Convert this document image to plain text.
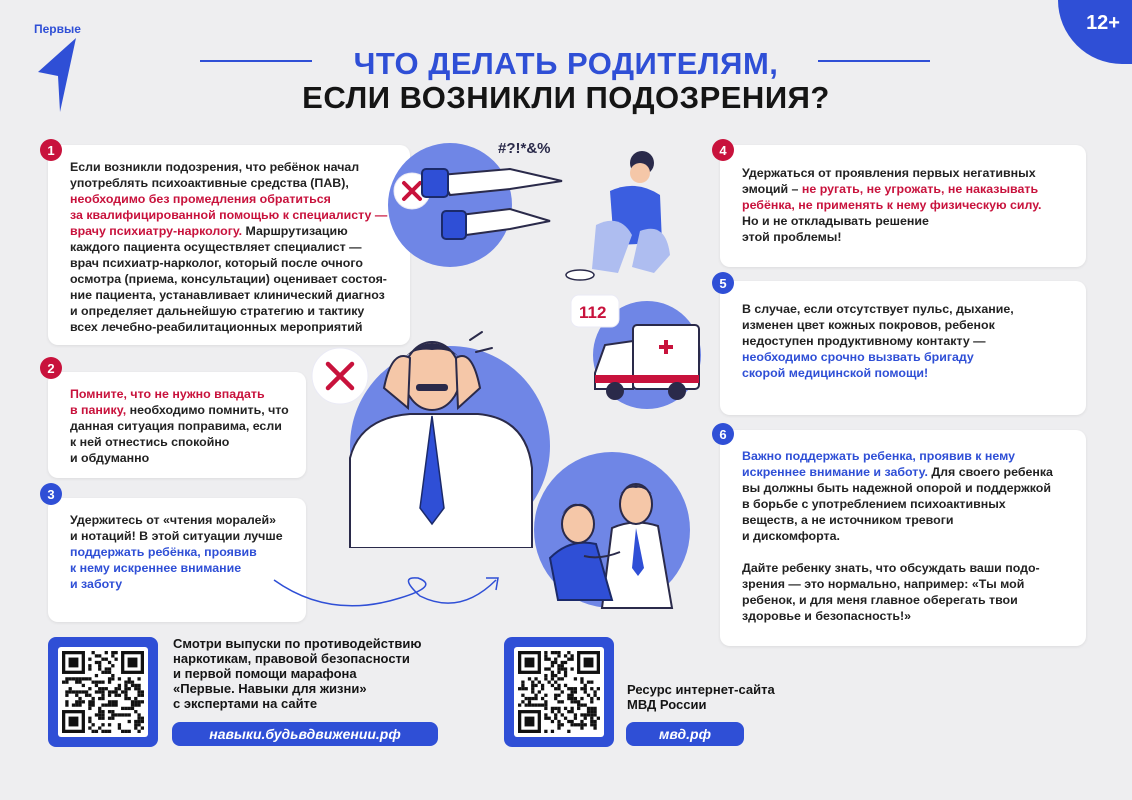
Первые	12+
ЧТО ДЕЛАТЬ РОДИТЕЛЯМ,
ЕСЛИ ВОЗНИКЛИ ПОДОЗРЕНИЯ?
Если возникли подозрения, что ребёнок начал
употреблять психоактивные средства (ПАВ),
необходимо без промедления обратиться
за квалифицированной помощью к специалисту —
врачу психиатру-наркологу. Маршрутизацию
каждого пациента осуществляет специалист —
врач психиатр-нарколог, который после очного
осмотра (приема, консультации) оценивает состоя-
ние пациента, устанавливает клинический диагноз
и определяет дальнейшую стратегию и тактику
всех лечебно-реабилитационных мероприятий
1
Помните, что не нужно впадать
в панику, необходимо помнить, что
данная ситуация поправима, если
к ней отнестись спокойно
и обдуманно
2
Удержитесь от «чтения моралей»
и нотаций! В этой ситуации лучше
поддержать ребёнка, проявив
к нему искреннее внимание
и заботу
3
Удержаться от проявления первых негативных
эмоций – не ругать, не угрожать, не наказывать
ребёнка, не применять к нему физическую силу.
Но и не откладывать решение
этой проблемы!
4
В случае, если отсутствует пульс, дыхание,
изменен цвет кожных покровов, ребенок
недоступен продуктивному контакту —
необходимо срочно вызвать бригаду
скорой медицинской помощи!
5
Важно поддержать ребенка, проявив к нему
искреннее внимание и заботу. Для своего ребенка
вы должны быть надежной опорой и поддержкой
в борьбе с употреблением психоактивных
веществ, а не источником тревоги
и дискомфорта.
Дайте ребенку знать, что обсуждать ваши подо-
зрения — это нормально, например: «Ты мой
ребенок, и для меня главное оберегать твои
здоровье и безопасность!»
6
#?!*&%
112
Смотри выпуски по противодействию
наркотикам, правовой безопасности
и первой помощи марафона
«Первые. Навыки для жизни»
с экспертами на сайте
навыки.будьвдвижении.рф
Ресурс интернет-сайта
МВД России
мвд.рф
